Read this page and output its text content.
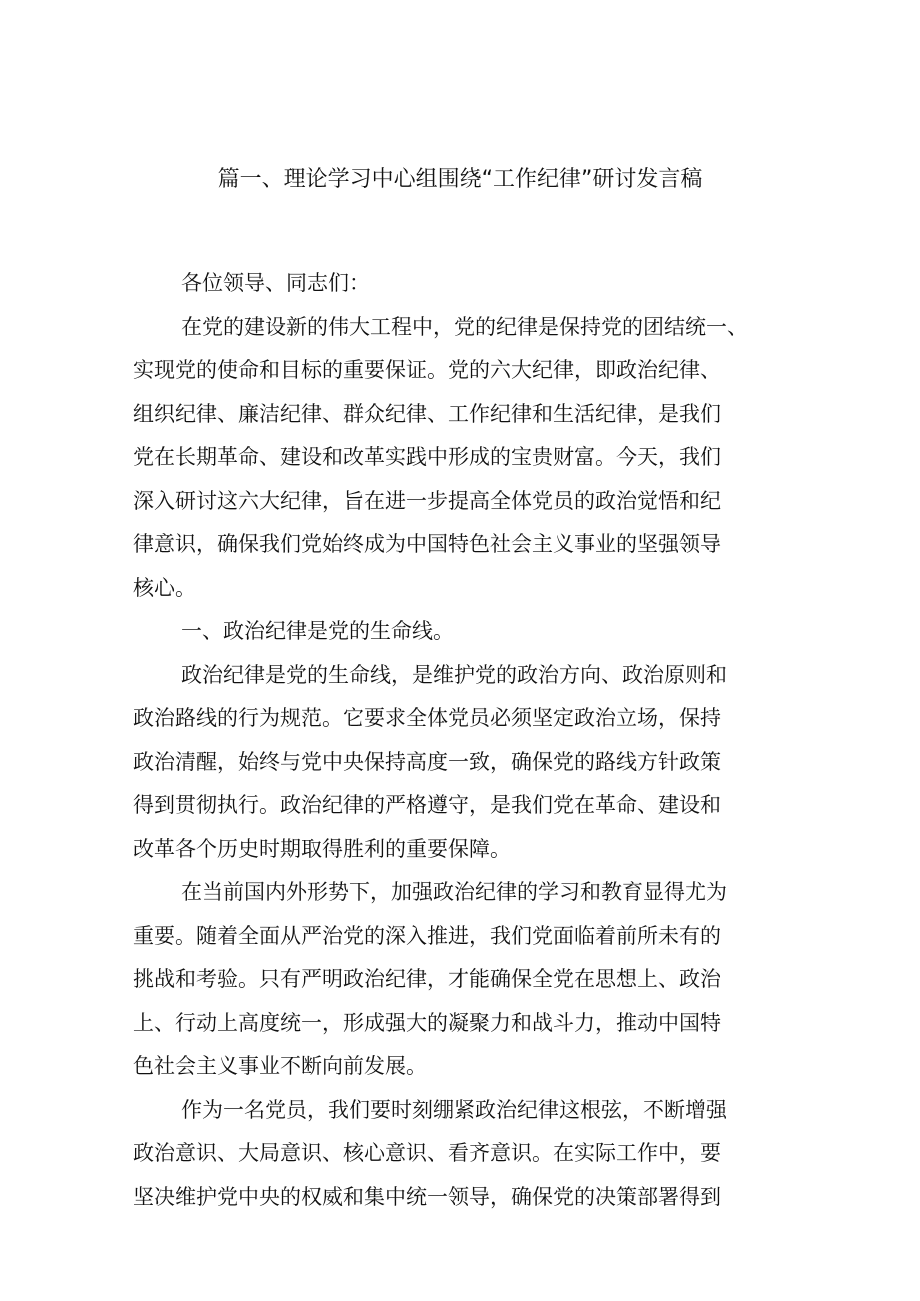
篇一、理论学习中心组围绕“工作纪律”研讨发言稿
各位领导、同志们：
在党的建设新的伟大工程中，党的纪律是保持党的团结统一、
实现党的使命和目标的重要保证。党的六大纪律，即政治纪律、
组织纪律、廉洁纪律、群众纪律、工作纪律和生活纪律，是我们
党在长期革命、建设和改革实践中形成的宝贵财富。今天，我们
深入研讨这六大纪律，旨在进一步提高全体党员的政治觉悟和纪
律意识，确保我们党始终成为中国特色社会主义事业的坚强领导
核心。
一、政治纪律是党的生命线。
政治纪律是党的生命线，是维护党的政治方向、政治原则和
政治路线的行为规范。它要求全体党员必须坚定政治立场，保持
政治清醒，始终与党中央保持高度一致，确保党的路线方针政策
得到贯彻执行。政治纪律的严格遵守，是我们党在革命、建设和
改革各个历史时期取得胜利的重要保障。
在当前国内外形势下，加强政治纪律的学习和教育显得尤为
重要。随着全面从严治党的深入推进，我们党面临着前所未有的
挑战和考验。只有严明政治纪律，才能确保全党在思想上、政治
上、行动上高度统一，形成强大的凝聚力和战斗力，推动中国特
色社会主义事业不断向前发展。
作为一名党员，我们要时刻绷紧政治纪律这根弦，不断增强
政治意识、大局意识、核心意识、看齐意识。在实际工作中，要
坚决维护党中央的权威和集中统一领导，确保党的决策部署得到
